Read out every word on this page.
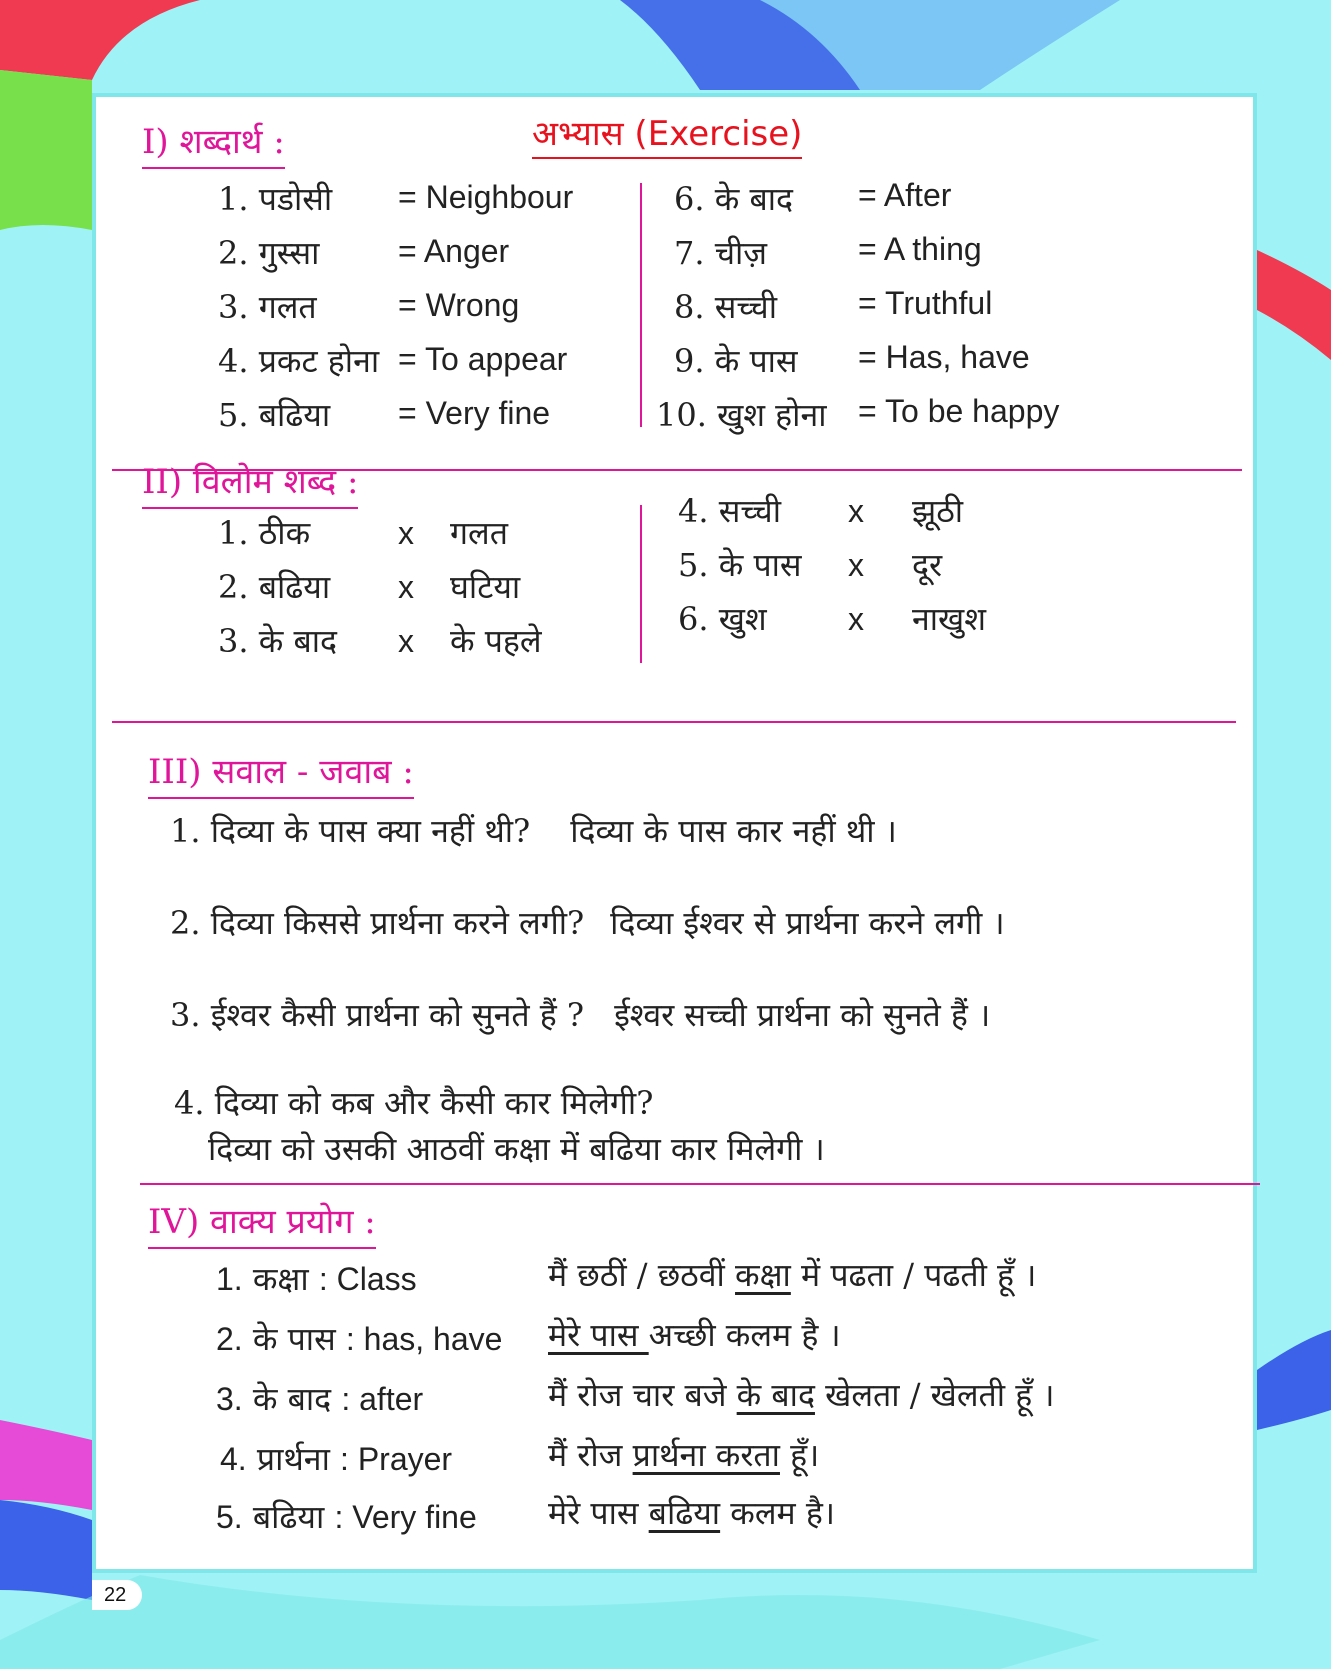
अभ्यास (Exercise)
I) शब्दार्थ :
1. पडोसी = Neighbour
2. गुस्सा = Anger
3. गलत	= Wrong
4. प्रकट होना = To appear
5. बढिया = Very fine
6. के बाद = After
7. चीज़	= A thing
8. सच्ची	= Truthful
9. के पास = Has, have
10. खुश होना = To be happy
II) विलोम शब्द :
1. ठीक	x गलत
2. बढिया x घटिया
3. के बाद x के पहले
4. सच्ची x झूठी
5. के पास x दूर
6. खुश	x नाखुश
III) सवाल - जवाब :
1. दिव्या के पास क्या नहीं थी? दिव्या के पास कार नहीं थी ।
2. दिव्या किससे प्रार्थना करने लगी? दिव्या ईश्वर से प्रार्थना करने लगी ।
3. ईश्वर कैसी प्रार्थना को सुनते हैं ? ईश्वर सच्ची प्रार्थना को सुनते हैं ।
4. दिव्या को कब और कैसी कार मिलेगी?
दिव्या को उसकी आठवीं कक्षा में बढिया कार मिलेगी ।
IV) वाक्य प्रयोग :
1. कक्षा : Class	मैं छठीं / छठवीं कक्षा में पढता / पढती हूँ ।
2. के पास : has, have मेरे पास अच्छी कलम है ।
3. के बाद : after	मैं रोज चार बजे के बाद खेलता / खेलती हूँ ।
4. प्रार्थना : Prayer	मैं रोज प्रार्थना करता हूँ।
5. बढिया : Very fine मेरे पास बढिया कलम है।
22
